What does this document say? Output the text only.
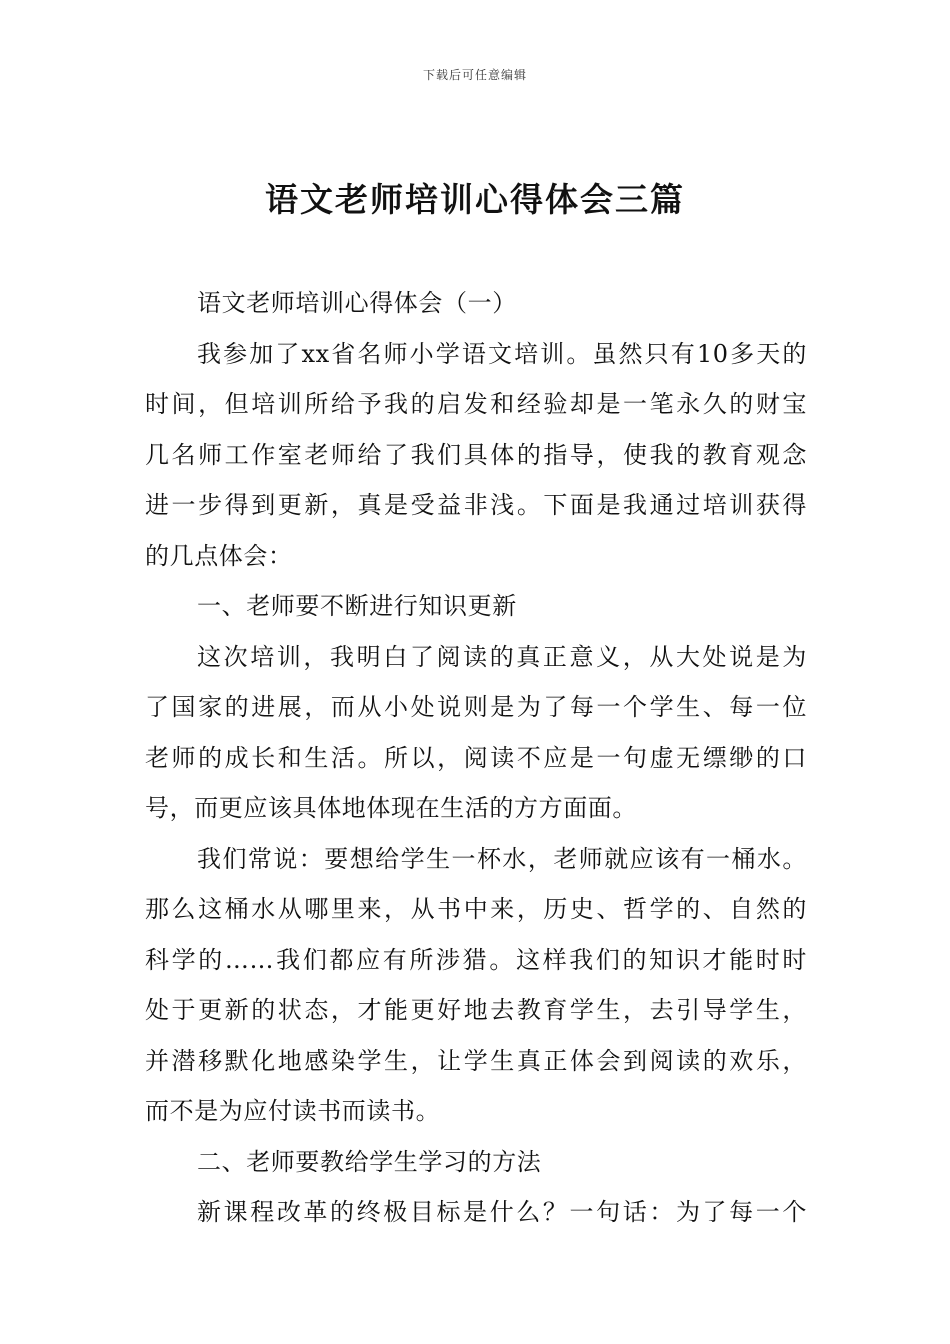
下载后可任意编辑
语文老师培训心得体会三篇
语文老师培训心得体会（一）
我参加了xx省名师小学语文培训。虽然只有10多天的
时间，但培训所给予我的启发和经验却是一笔永久的财宝
几名师工作室老师给了我们具体的指导，使我的教育观念
进一步得到更新，真是受益非浅。下面是我通过培训获得
的几点体会：
一、老师要不断进行知识更新
这次培训，我明白了阅读的真正意义，从大处说是为
了国家的进展，而从小处说则是为了每一个学生、每一位
老师的成长和生活。所以，阅读不应是一句虚无缥缈的口
号，而更应该具体地体现在生活的方方面面。
我们常说：要想给学生一杯水，老师就应该有一桶水。
那么这桶水从哪里来，从书中来，历史、哲学的、自然的
科学的……我们都应有所涉猎。这样我们的知识才能时时
处于更新的状态，才能更好地去教育学生，去引导学生，
并潜移默化地感染学生，让学生真正体会到阅读的欢乐，
而不是为应付读书而读书。
二、老师要教给学生学习的方法
新课程改革的终极目标是什么？一句话：为了每一个
